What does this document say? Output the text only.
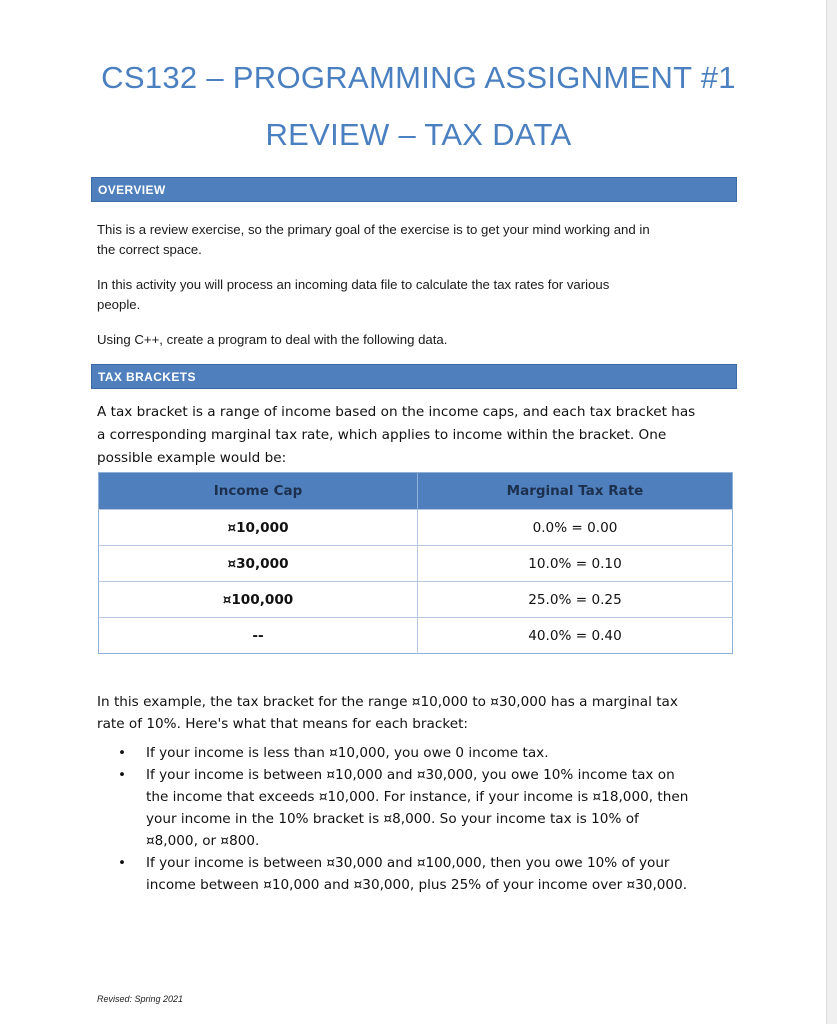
CS132 – PROGRAMMING ASSIGNMENT #1
REVIEW – TAX DATA
OVERVIEW
This is a review exercise, so the primary goal of the exercise is to get your mind working and in
the correct space.
In this activity you will process an incoming data file to calculate the tax rates for various
people.
Using C++, create a program to deal with the following data.
TAX BRACKETS
A tax bracket is a range of income based on the income caps, and each tax bracket has
a corresponding marginal tax rate, which applies to income within the bracket. One
possible example would be:
Income Cap	Marginal Tax Rate
¤10,000	0.0% = 0.00
¤30,000	10.0% = 0.10
¤100,000	25.0% = 0.25
--	40.0% = 0.40
In this example, the tax bracket for the range ¤10,000 to ¤30,000 has a marginal tax
rate of 10%. Here's what that means for each bracket:
• If your income is less than ¤10,000, you owe 0 income tax.
• If your income is between ¤10,000 and ¤30,000, you owe 10% income tax on
the income that exceeds ¤10,000. For instance, if your income is ¤18,000, then
your income in the 10% bracket is ¤8,000. So your income tax is 10% of
¤8,000, or ¤800.
• If your income is between ¤30,000 and ¤100,000, then you owe 10% of your
income between ¤10,000 and ¤30,000, plus 25% of your income over ¤30,000.
Revised: Spring 2021
